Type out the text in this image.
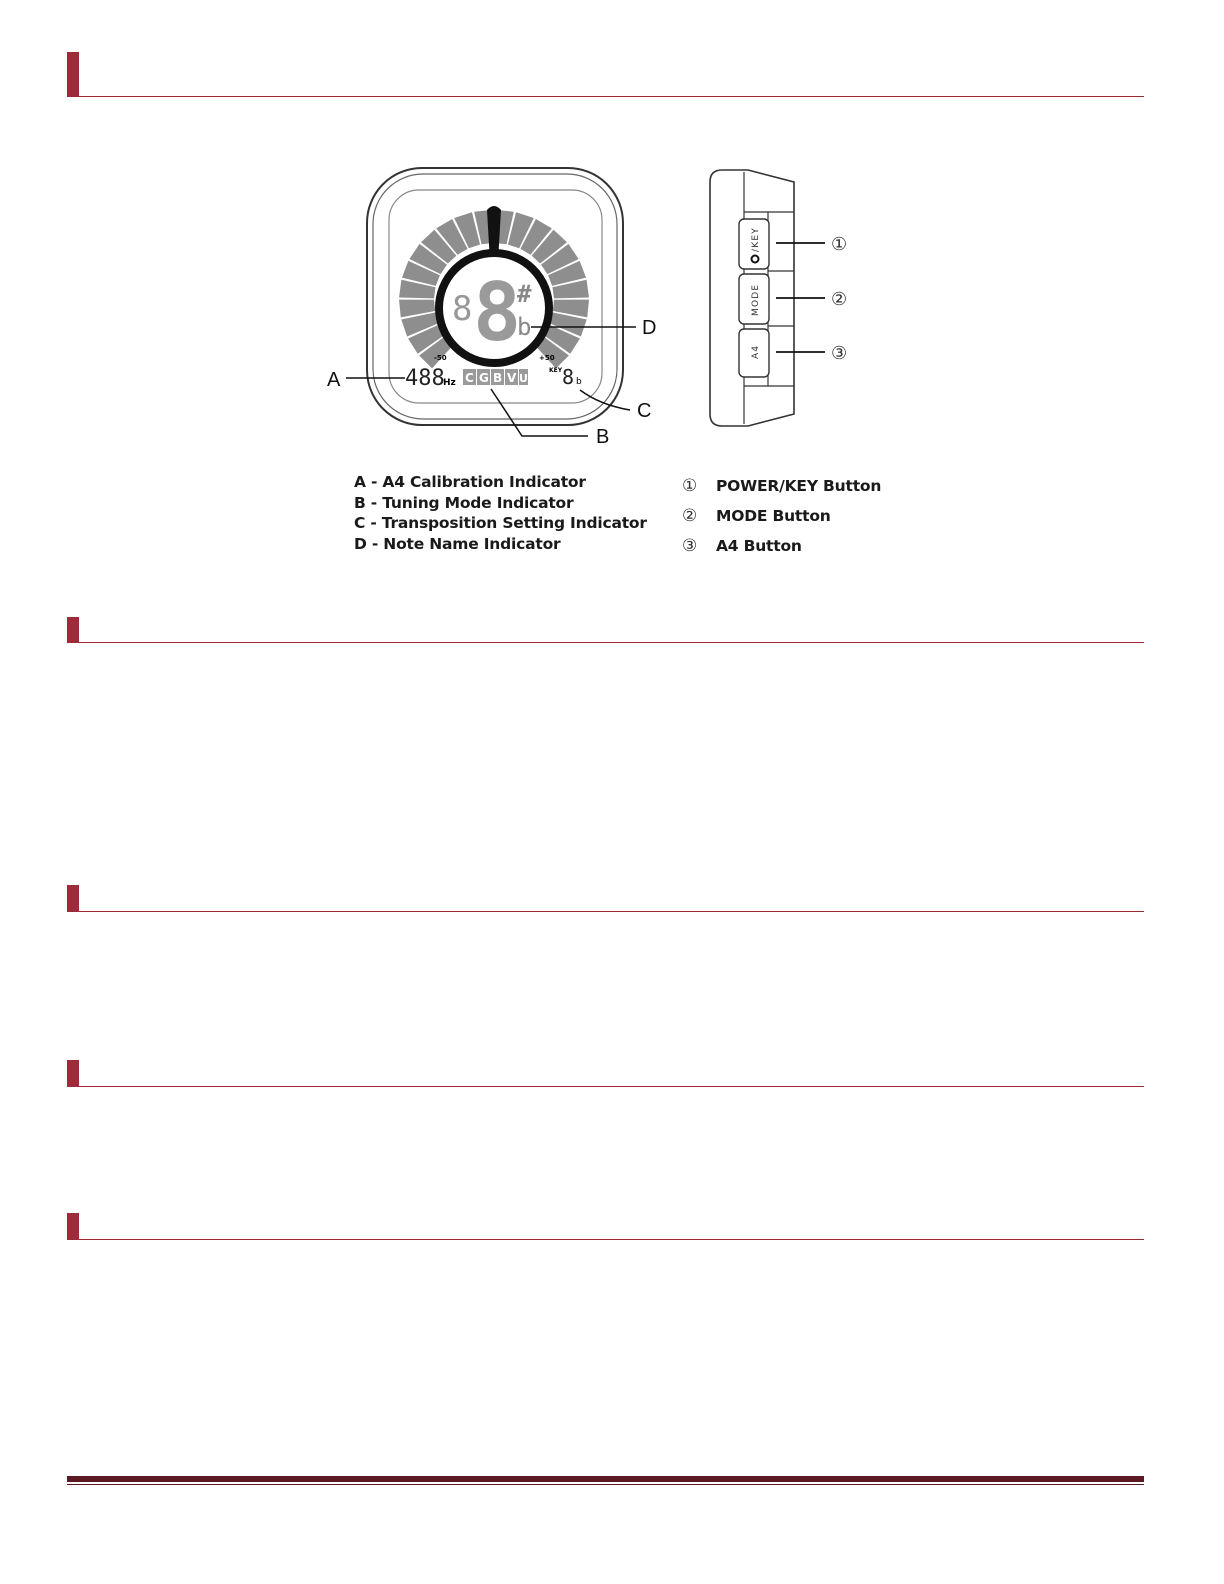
8 8
#
b
-50	+50
488
Hz C G B V U
KEY 8 b
A
B
C
D
/KEY
MODE
A4
①
②
③
A - A4 Calibration Indicator
B - Tuning Mode Indicator
C - Transposition Setting Indicator
D - Note Name Indicator
①	POWER/KEY Button
②	MODE Button
③	A4 Button
